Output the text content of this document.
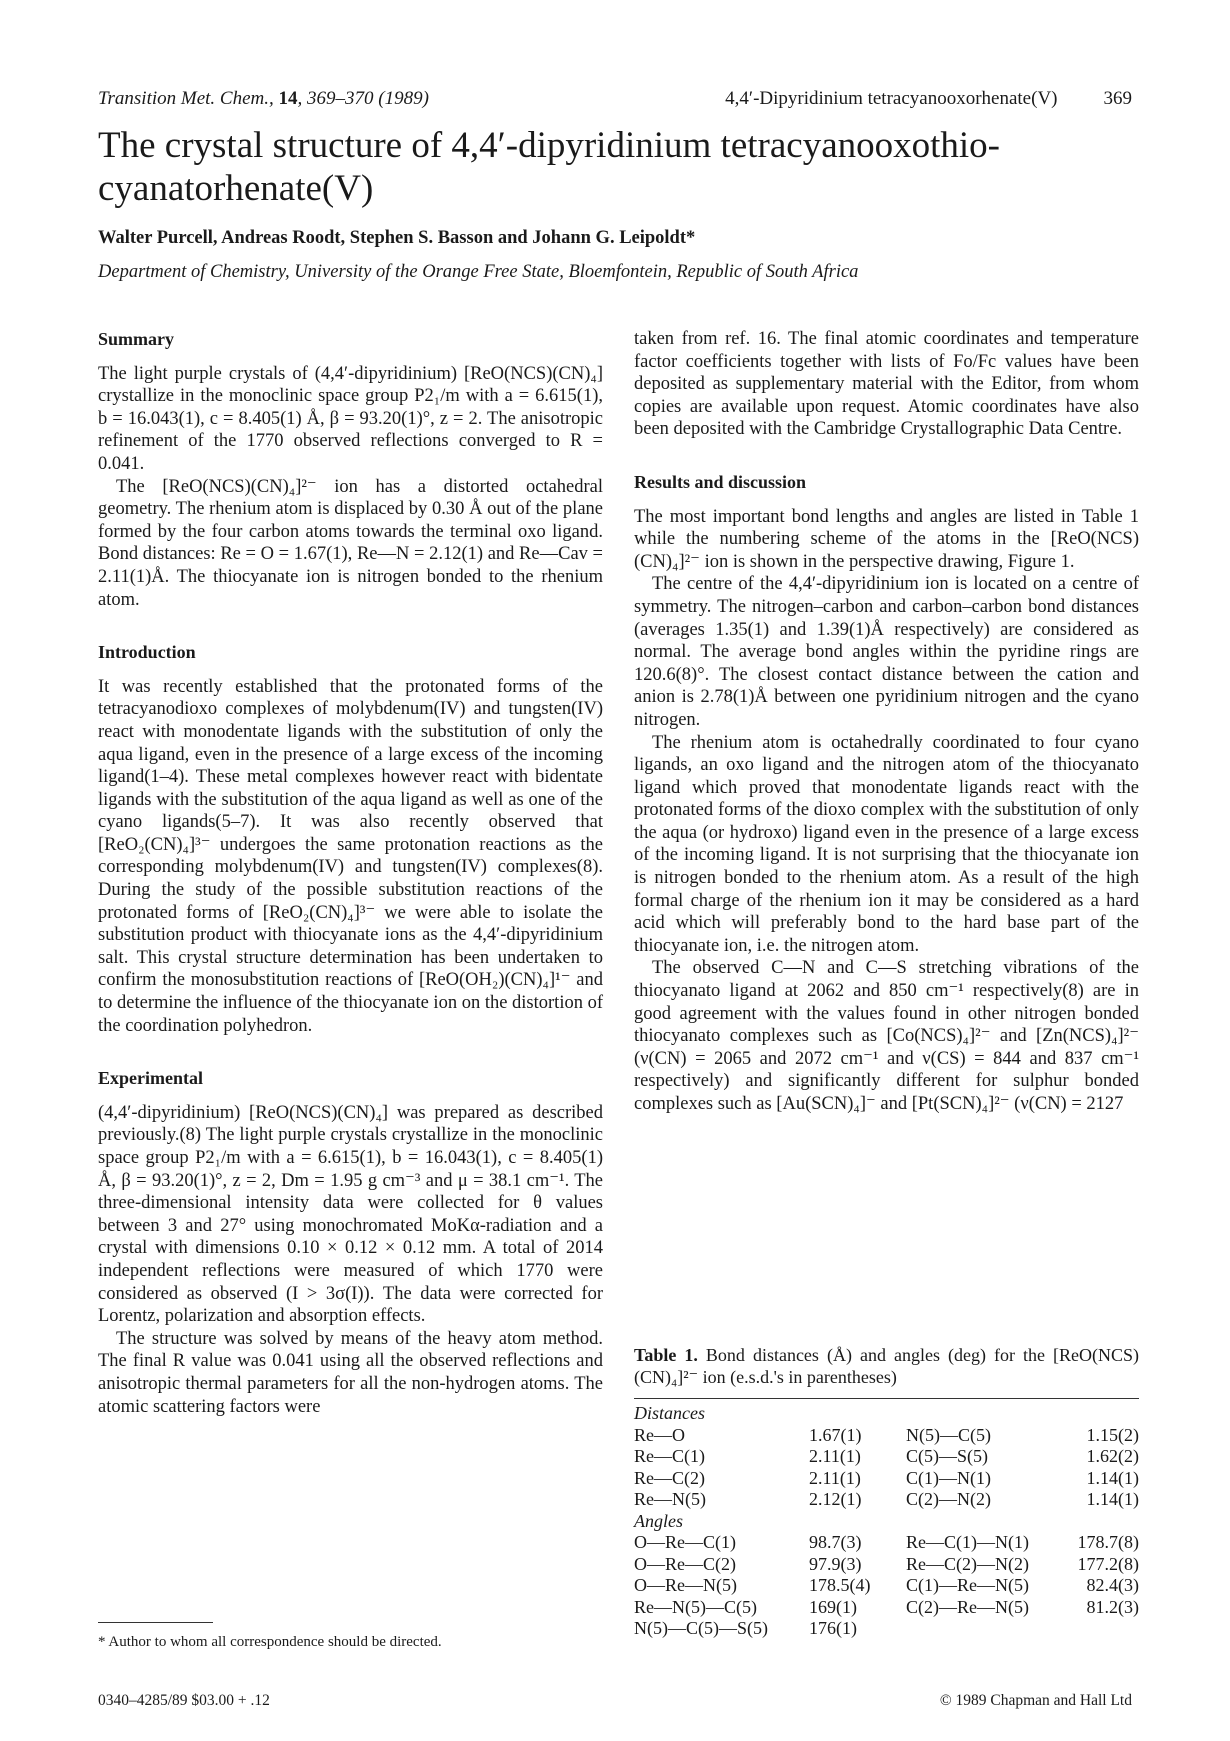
Transition Met. Chem., 14, 369–370 (1989)	4,4′-Dipyridinium tetracyanooxorhenate(V) 369
The crystal structure of 4,4′-dipyridinium tetracyanooxothio-cyanatorhenate(V)
Walter Purcell, Andreas Roodt, Stephen S. Basson and Johann G. Leipoldt*
Department of Chemistry, University of the Orange Free State, Bloemfontein, Republic of South Africa
Summary

The light purple crystals of (4,4′-dipyridinium) [ReO(NCS)(CN)₄] crystallize in the monoclinic space group P2₁/m with a = 6.615(1), b = 16.043(1), c = 8.405(1) Å, β = 93.20(1)°, z = 2. The anisotropic refinement of the 1770 observed reflections converged to R = 0.041.

The [ReO(NCS)(CN)₄]²⁻ ion has a distorted octahedral geometry. The rhenium atom is displaced by 0.30 Å out of the plane formed by the four carbon atoms towards the terminal oxo ligand. Bond distances: Re = O = 1.67(1), Re—N = 2.12(1) and Re—Cav = 2.11(1)Å. The thiocyanate ion is nitrogen bonded to the rhenium atom.

Introduction

It was recently established that the protonated forms of the tetracyanodioxo complexes of molybdenum(IV) and tungsten(IV) react with monodentate ligands with the substitution of only the aqua ligand, even in the presence of a large excess of the incoming ligand(1–4). These metal complexes however react with bidentate ligands with the substitution of the aqua ligand as well as one of the cyano ligands(5–7). It was also recently observed that [ReO₂(CN)₄]³⁻ undergoes the same protonation reactions as the corresponding molybdenum(IV) and tungsten(IV) complexes(8). During the study of the possible substitution reactions of the protonated forms of [ReO₂(CN)₄]³⁻ we were able to isolate the substitution product with thiocyanate ions as the 4,4′-dipyridinium salt. This crystal structure determination has been undertaken to confirm the monosubstitution reactions of [ReO(OH₂)(CN)₄]¹⁻ and to determine the influence of the thiocyanate ion on the distortion of the coordination polyhedron.

Experimental

(4,4′-dipyridinium) [ReO(NCS)(CN)₄] was prepared as described previously.(8) The light purple crystals crystallize in the monoclinic space group P2₁/m with a = 6.615(1), b = 16.043(1), c = 8.405(1) Å, β = 93.20(1)°, z = 2, Dm = 1.95 g cm⁻³ and μ = 38.1 cm⁻¹. The three-dimensional intensity data were collected for θ values between 3 and 27° using monochromated MoKα-radiation and a crystal with dimensions 0.10 × 0.12 × 0.12 mm. A total of 2014 independent reflections were measured of which 1770 were considered as observed (I > 3σ(I)). The data were corrected for Lorentz, polarization and absorption effects.

The structure was solved by means of the heavy atom method. The final R value was 0.041 using all the observed reflections and anisotropic thermal parameters for all the non-hydrogen atoms. The atomic scattering factors were

taken from ref. 16. The final atomic coordinates and temperature factor coefficients together with lists of Fo/Fc values have been deposited as supplementary material with the Editor, from whom copies are available upon request. Atomic coordinates have also been deposited with the Cambridge Crystallographic Data Centre.

Results and discussion

The most important bond lengths and angles are listed in Table 1 while the numbering scheme of the atoms in the [ReO(NCS)(CN)₄]²⁻ ion is shown in the perspective drawing, Figure 1.

The centre of the 4,4′-dipyridinium ion is located on a centre of symmetry. The nitrogen–carbon and carbon–carbon bond distances (averages 1.35(1) and 1.39(1)Å respectively) are considered as normal. The average bond angles within the pyridine rings are 120.6(8)°. The closest contact distance between the cation and anion is 2.78(1)Å between one pyridinium nitrogen and the cyano nitrogen.

The rhenium atom is octahedrally coordinated to four cyano ligands, an oxo ligand and the nitrogen atom of the thiocyanato ligand which proved that monodentate ligands react with the protonated forms of the dioxo complex with the substitution of only the aqua (or hydroxo) ligand even in the presence of a large excess of the incoming ligand. It is not surprising that the thiocyanate ion is nitrogen bonded to the rhenium atom. As a result of the high formal charge of the rhenium ion it may be considered as a hard acid which will preferably bond to the hard base part of the thiocyanate ion, i.e. the nitrogen atom.

The observed C—N and C—S stretching vibrations of the thiocyanato ligand at 2062 and 850 cm⁻¹ respectively(8) are in good agreement with the values found in other nitrogen bonded thiocyanato complexes such as [Co(NCS)₄]²⁻ and [Zn(NCS)₄]²⁻ (ν(CN) = 2065 and 2072 cm⁻¹ and ν(CS) = 844 and 837 cm⁻¹ respectively) and significantly different for sulphur bonded complexes such as [Au(SCN)₄]⁻ and [Pt(SCN)₄]²⁻ (ν(CN) = 2127

Table 1. Bond distances (Å) and angles (deg) for the [ReO(NCS)(CN)₄]²⁻ ion (e.s.d.'s in parentheses)
Distances
Re—O	1.67(1) N(5)—C(5)	1.15(2)
Re—C(1)	2.11(1)	C(5)—S(5)	1.62(2)
Re—C(2)	2.11(1)	C(1)—N(1)	1.14(1)
Re—N(5)	2.12(1) C(2)—N(2)	1.14(1)
Angles
O—Re—C(1)	98.7(3) Re—C(1)—N(1)	178.7(8)
O—Re—C(2)	97.9(3) Re—C(2)—N(2)	177.2(8)
O—Re—N(5)	178.5(4) C(1)—Re—N(5)	82.4(3)
Re—N(5)—C(5)	169(1)	C(2)—Re—N(5)	81.2(3)
N(5)—C(5)—S(5) 176(1)
* Author to whom all correspondence should be directed.
0340–4285/89 $03.00 + .12	© 1989 Chapman and Hall Ltd
